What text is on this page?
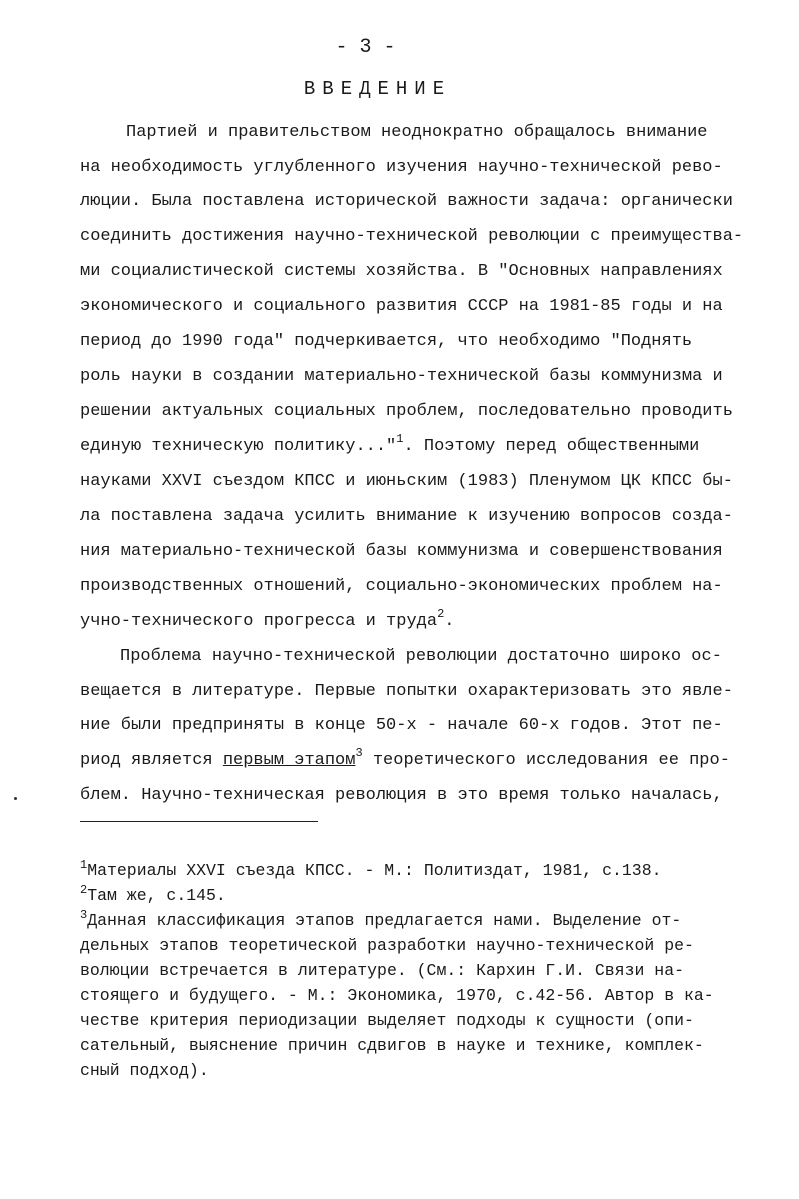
- 3 -
ВВЕДЕНИЕ
Партией и правительством неоднократно обращалось внимание
на необходимость углубленного изучения научно-технической рево-
люции. Была поставлена исторической важности задача: органически
соединить достижения научно-технической революции с преимущества-
ми социалистической системы хозяйства. В "Основных направлениях
экономического и социального развития СССР на 1981-85 годы и на
период до 1990 года" подчеркивается, что необходимо "Поднять
роль науки в создании материально-технической базы коммунизма и
решении актуальных социальных проблем, последовательно проводить
единую техническую политику..."$^1$. Поэтому перед общественными
науками XXVI съездом КПСС и июньским (1983) Пленумом ЦК КПСС бы-
ла поставлена задача усилить внимание к изучению вопросов созда-
ния материально-технической базы коммунизма и совершенствования
производственных отношений, социально-экономических проблем на-
учно-технического прогресса и труда$^2$.
Проблема научно-технической революции достаточно широко ос-
вещается в литературе. Первые попытки охарактеризовать это явле-
ние были предприняты в конце 50-х - начале 60-х годов. Этот пе-
риод является первым этапом$^3$ теоретического исследования ее про-
блем. Научно-техническая революция в это время только началась,
$^1$Материалы XXVI съезда КПСС. - М.: Политиздат, 1981, с.138.
$^2$Там же, с.145.
$^3$Данная классификация этапов предлагается нами. Выделение от-
дельных этапов теоретической разработки научно-технической ре-
волюции встречается в литературе. (См.: Кархин Г.И. Связи на-
стоящего и будущего. - М.: Экономика, 1970, с.42-56. Автор в ка-
честве критерия периодизации выделяет подходы к сущности (опи-
сательный, выяснение причин сдвигов в науке и технике, комплек-
сный подход).
